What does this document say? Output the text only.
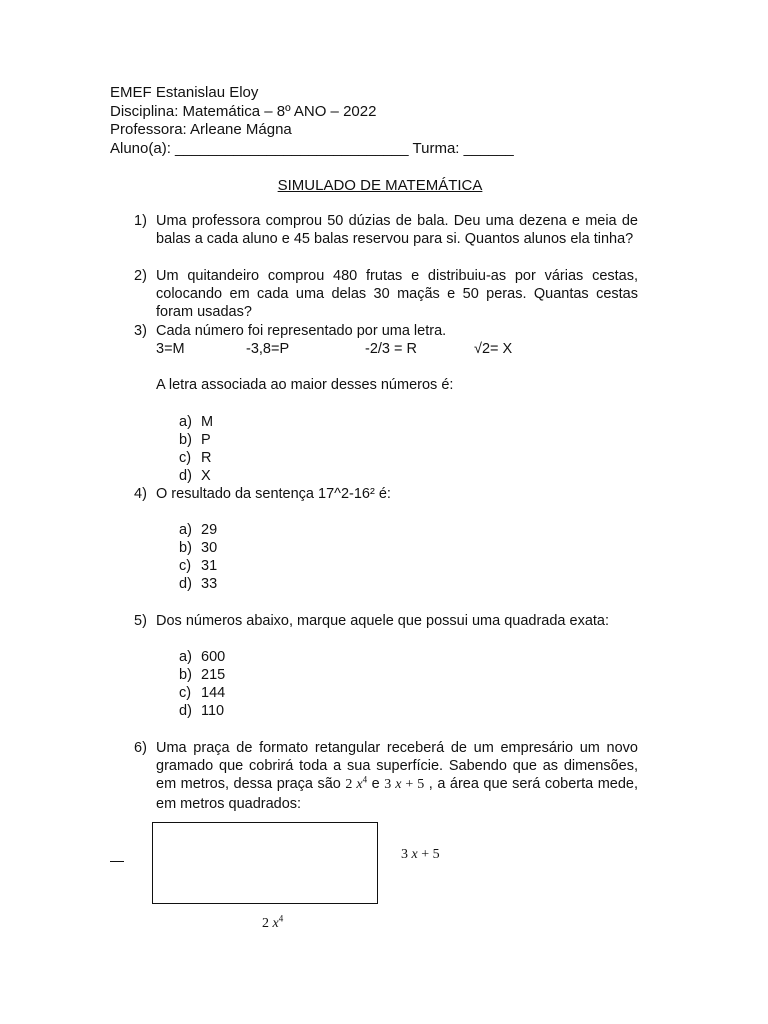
EMEF Estanislau Eloy
Disciplina: Matemática – 8º ANO – 2022
Professora: Arleane Mágna
Aluno(a): ____________________________ Turma: ______
SIMULADO DE MATEMÁTICA
1) Uma professora comprou 50 dúzias de bala. Deu uma dezena e meia de balas a cada aluno e 45 balas reservou para si. Quantos alunos ela tinha?
2) Um quitandeiro comprou 480 frutas e distribuiu-as por várias cestas, colocando em cada uma delas 30 maçãs e 50 peras. Quantas cestas foram usadas?
3) Cada número foi representado por uma letra.
3=M	-3,8=P	-2/3 = R	√2= X
A letra associada ao maior desses números é:
a) M
b) P
c) R
d) X
4) O resultado da sentença 17^2-16² é:
a) 29
b) 30
c) 31
d) 33
5) Dos números abaixo, marque aquele que possui uma quadrada exata:
a) 600
b) 215
c) 144
d) 110
6) Uma praça de formato retangular receberá de um empresário um novo gramado que cobrirá toda a sua superfície. Sabendo que as dimensões, em metros, dessa praça são 2 $x^4$ e 3 x + 5 , a área que será coberta mede, em metros quadrados:
3 x + 5
2 $x^4$
